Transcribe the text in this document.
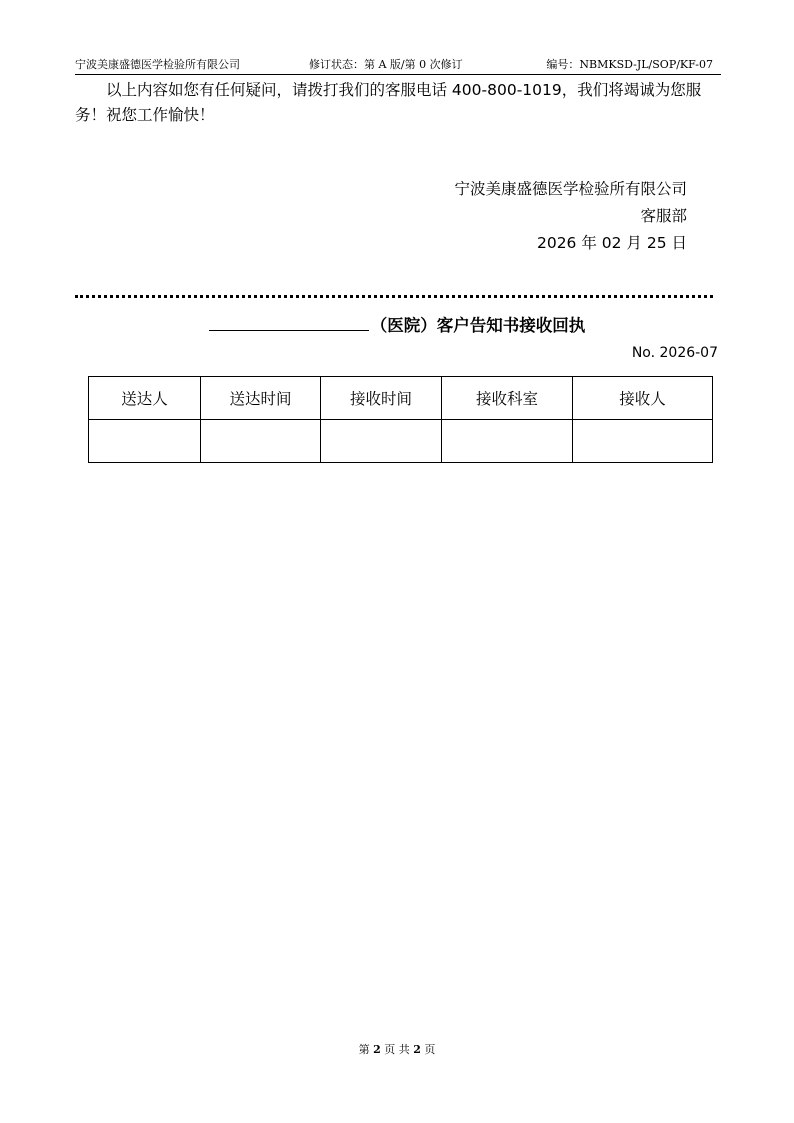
宁波美康盛德医学检验所有限公司	修订状态：第 A 版/第 0 次修订	编号：NBMKSD-JL/SOP/KF-07

以上内容如您有任何疑问，请拨打我们的客服电话 400-800-1019，我们将竭诚为您服务！祝您工作愉快！

宁波美康盛德医学检验所有限公司
客服部
2026 年 02 月 25 日
（医院）客户告知书接收回执
No. 2026-07
送达人	送达时间	接收时间	接收科室	接收人

第 2 页 共 2 页
